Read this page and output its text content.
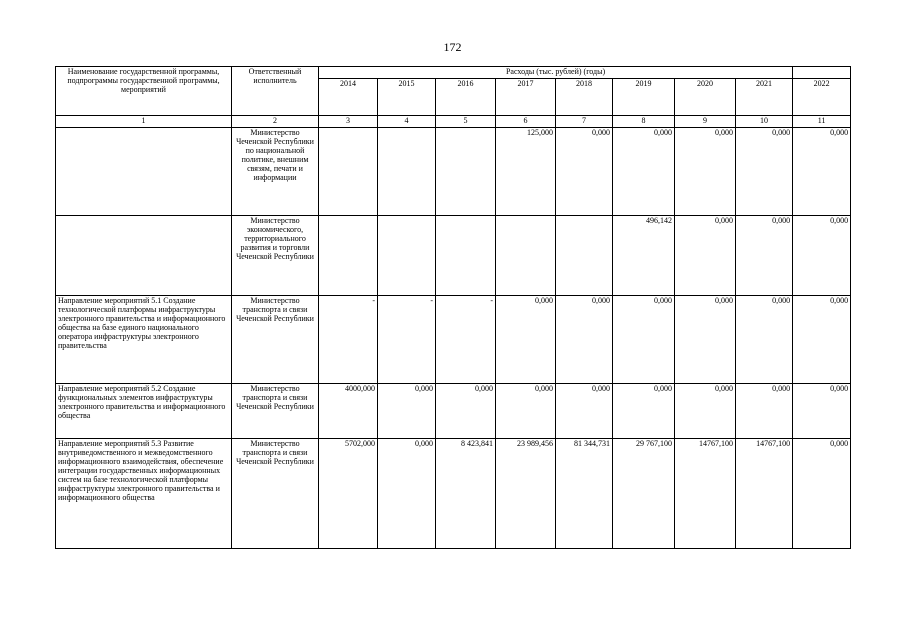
172
Наименование государственной программы, подпрограммы государственной программы, мероприятий	Ответственный исполнитель	Расходы (тыс. рублей) (годы)								
		2014	2015	2016	2017	2018	2019	2020	2021	2022
1	2	3	4	5	6	7	8	9	10	11
	Министерство Чеченской Республики по национальной политике, внешним связям, печати и информации				125,000	0,000	0,000	0,000	0,000	0,000
	Министерство экономического, территориального развития и торговли Чеченской Республики						496,142	0,000	0,000	0,000
Направление мероприятий 5.1 Создание технологической платформы инфраструктуры электронного правительства и информационного общества на базе единого национального оператора инфраструктуры электронного правительства	Министерство транспорта и связи Чеченской Республики	-	-	-	0,000	0,000	0,000	0,000	0,000	0,000
Направление мероприятий 5.2 Создание функциональных элементов инфраструктуры электронного правительства и информационного общества	Министерство транспорта и связи Чеченской Республики	4000,000	0,000	0,000	0,000	0,000	0,000	0,000	0,000	0,000
Направление мероприятий 5.3 Развитие внутриведомственного и межведомственного информационного взаимодействия, обеспечение интеграции государственных информационных систем на базе технологической платформы инфраструктуры электронного правительства и информационного общества	Министерство транспорта и связи Чеченской Республики	5702,000	0,000	8 423,841	23 989,456	81 344,731	29 767,100	14767,100	14767,100	0,000
